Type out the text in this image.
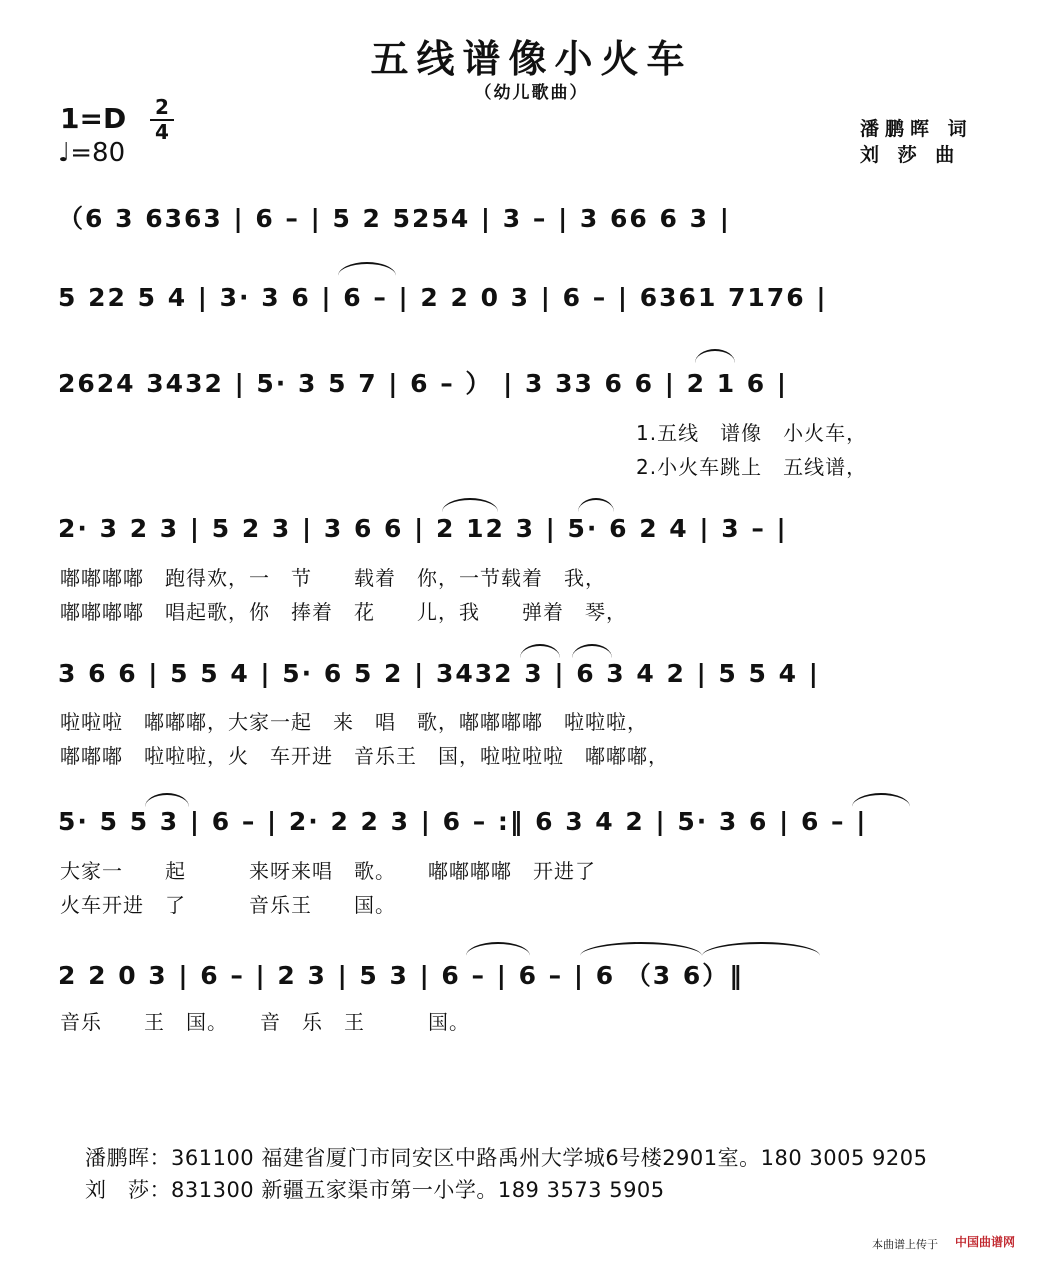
五线谱像小火车
（幼儿歌曲）
1=D 2
4
♩=80
潘鹏晖 词
刘 莎 曲
（6 3 6363 | 6 – | 5 2 5254 | 3 – | 3 66 6 3 |
5 22 5 4 | 3· 3 6 | 6 – | 2 2 0 3 | 6 – | 6361 7176 |
2624 3432 | 5· 3 5 7 | 6 – ） | 3 33 6 6 | 2 1 6 |
1.五线　谱像　小火车，
2.小火车跳上　五线谱，
2· 3 2 3 | 5 2 3 | 3 6 6 | 2 12 3 | 5· 6 2 4 | 3 – |
嘟嘟嘟嘟　跑得欢，一　节　　载着　你，一节载着　我，
嘟嘟嘟嘟　唱起歌，你　捧着　花　　儿，我　　弹着　琴，
3 6 6 | 5 5 4 | 5· 6 5 2 | 3432 3 | 6 3 4 2 | 5 5 4 |
啦啦啦　嘟嘟嘟，大家一起　来　唱　歌，嘟嘟嘟嘟　啦啦啦，
嘟嘟嘟　啦啦啦，火　车开进　音乐王　国，啦啦啦啦　嘟嘟嘟，
5· 5 5 3 | 6 – | 2· 2 2 3 | 6 – :‖ 6 3 4 2 | 5· 3 6 | 6 – |
大家一　　起　　　来呀来唱　歌。　　嘟嘟嘟嘟　开进了
火车开进　了　　　音乐王　　国。
2 2 0 3 | 6 – | 2 3 | 5 3 | 6 – | 6 – | 6 （3 6）‖
音乐　　王　国。　　音　乐　王　　　国。
潘鹏晖：361100 福建省厦门市同安区中路禹州大学城6号楼2901室。180 3005 9205
刘　莎：831300 新疆五家渠市第一小学。189 3573 5905
本曲谱上传于 中国曲谱网
